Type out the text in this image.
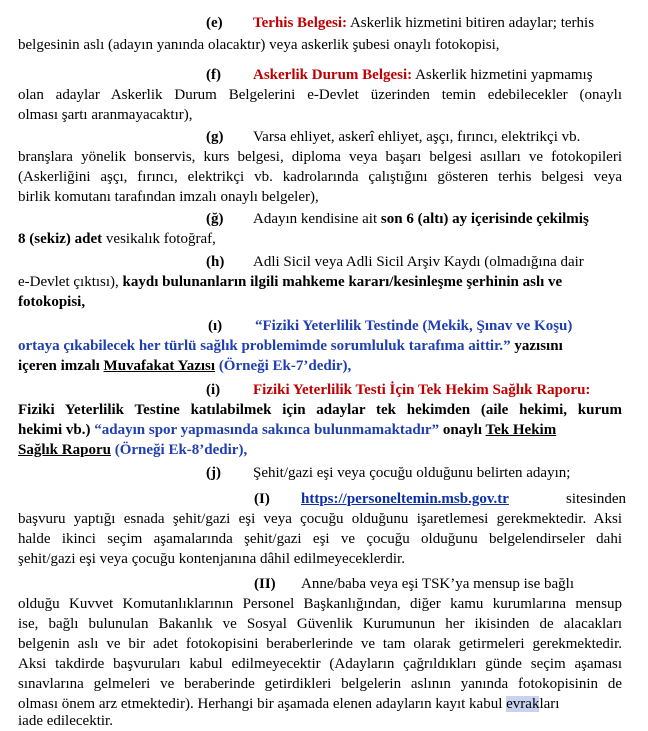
(e) Terhis Belgesi: Askerlik hizmetini bitiren adaylar; terhis
belgesinin aslı (adayın yanında olacaktır) veya askerlik şubesi onaylı fotokopisi,
(f) Askerlik Durum Belgesi: Askerlik hizmetini yapmamış
olan adaylar Askerlik Durum Belgelerini e-Devlet üzerinden temin edebilecekler (onaylı
olması şartı aranmayacaktır),
(g) Varsa ehliyet, askerî ehliyet, aşçı, fırıncı, elektrikçi vb.
branşlara yönelik bonservis, kurs belgesi, diploma veya başarı belgesi asılları ve fotokopileri
(Askerliğini aşçı, fırıncı, elektrikçi vb. kadrolarında çalıştığını gösteren terhis belgesi veya
birlik komutanı tarafından imzalı onaylı belgeler),
(ğ) Adayın kendisine ait son 6 (altı) ay içerisinde çekilmiş
8 (sekiz) adet vesikalık fotoğraf,
(h) Adli Sicil veya Adli Sicil Arşiv Kaydı (olmadığına dair
e-Devlet çıktısı), kaydı bulunanların ilgili mahkeme kararı/kesinleşme şerhinin aslı ve
fotokopisi,
(ı) “Fiziki Yeterlilik Testinde (Mekik, Şınav ve Koşu)
ortaya çıkabilecek her türlü sağlık problemimde sorumluluk tarafıma aittir.” yazısını
içeren imzalı Muvafakat Yazısı (Örneği Ek-7’dedir),
(i) Fiziki Yeterlilik Testi İçin Tek Hekim Sağlık Raporu:
Fiziki Yeterlilik Testine katılabilmek için adaylar tek hekimden (aile hekimi, kurum
hekimi vb.) “adayın spor yapmasında sakınca bulunmamaktadır” onaylı Tek Hekim
Sağlık Raporu (Örneği Ek-8’dedir),
(j) Şehit/gazi eşi veya çocuğu olduğunu belirten adayın;
(I) https://personeltemin.msb.gov.tr	sitesinden
başvuru yaptığı esnada şehit/gazi eşi veya çocuğu olduğunu işaretlemesi gerekmektedir. Aksi
halde ikinci seçim aşamalarında şehit/gazi eşi ve çocuğu olduğunu belgelendirseler dahi
şehit/gazi eşi veya çocuğu kontenjanına dâhil edilmeyeceklerdir.
(II) Anne/baba veya eşi TSK’ya mensup ise bağlı
olduğu Kuvvet Komutanlıklarının Personel Başkanlığından, diğer kamu kurumlarına mensup
ise, bağlı bulunulan Bakanlık ve Sosyal Güvenlik Kurumunun her ikisinden de alacakları
belgenin aslı ve bir adet fotokopisini beraberlerinde ve tam olarak getirmeleri gerekmektedir.
Aksi takdirde başvuruları kabul edilmeyecektir (Adayların çağrıldıkları günde seçim aşaması
sınavlarına gelmeleri ve beraberinde getirdikleri belgelerin aslının yanında fotokopisinin de
olması önem arz etmektedir). Herhangi bir aşamada elenen adayların kayıt kabul evrakları
iade edilecektir.
